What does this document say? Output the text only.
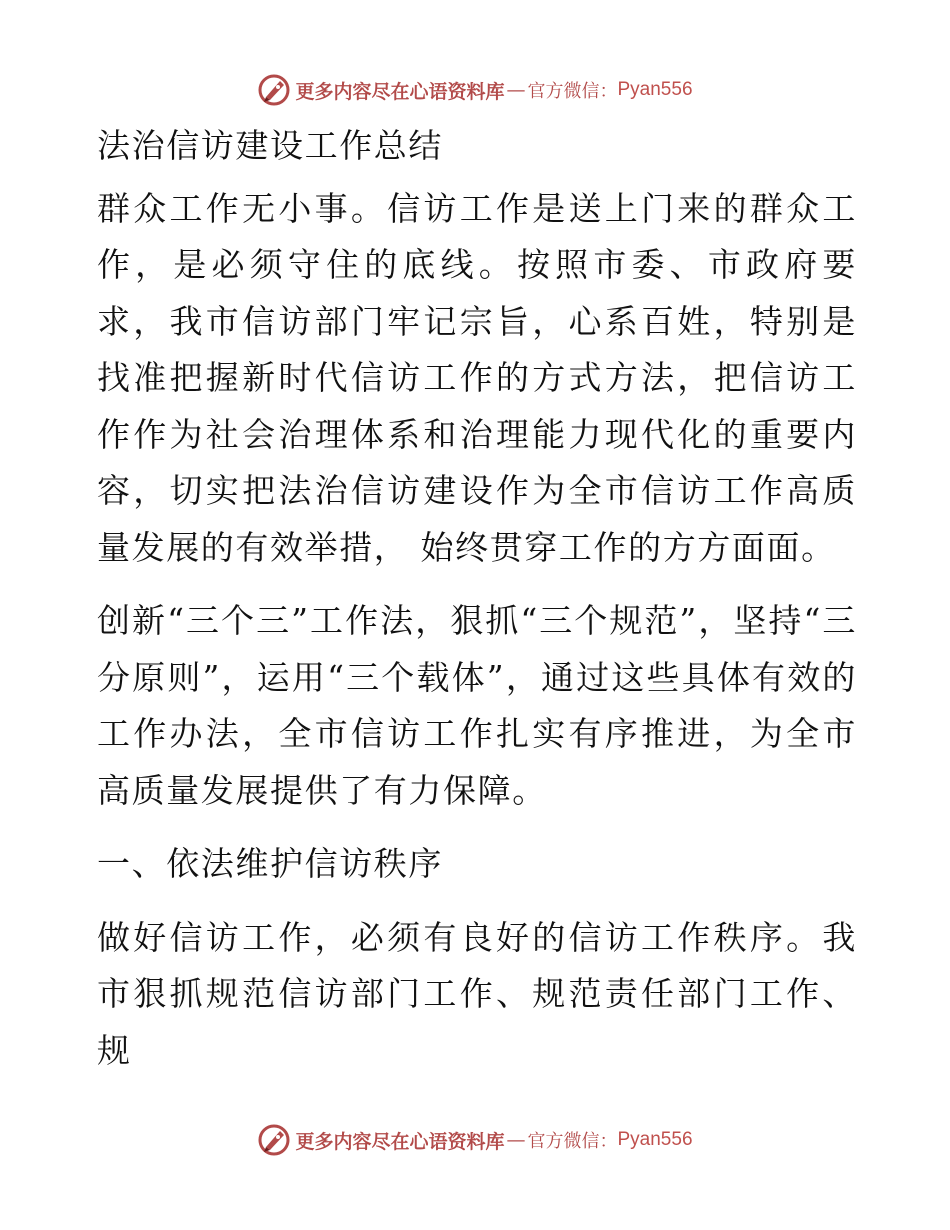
更多内容尽在心语资料库 — 官方微信： Pyan556
法治信访建设工作总结
群众工作无小事。信访工作是送上门来的群众工作，是必须守住的底线。按照市委、市政府要求，我市信访部门牢记宗旨，心系百姓，特别是找准把握新时代信访工作的方式方法，把信访工作作为社会治理体系和治理能力现代化的重要内容，切实把法治信访建设作为全市信访工作高质量发展的有效举措， 始终贯穿工作的方方面面。
创新“三个三”工作法，狠抓“三个规范”，坚持“三分原则”，运用“三个载体”，通过这些具体有效的工作办法，全市信访工作扎实有序推进，为全市高质量发展提供了有力保障。
一、依法维护信访秩序
做好信访工作，必须有良好的信访工作秩序。我市狠抓规范信访部门工作、规范责任部门工作、规
更多内容尽在心语资料库 — 官方微信： Pyan556
